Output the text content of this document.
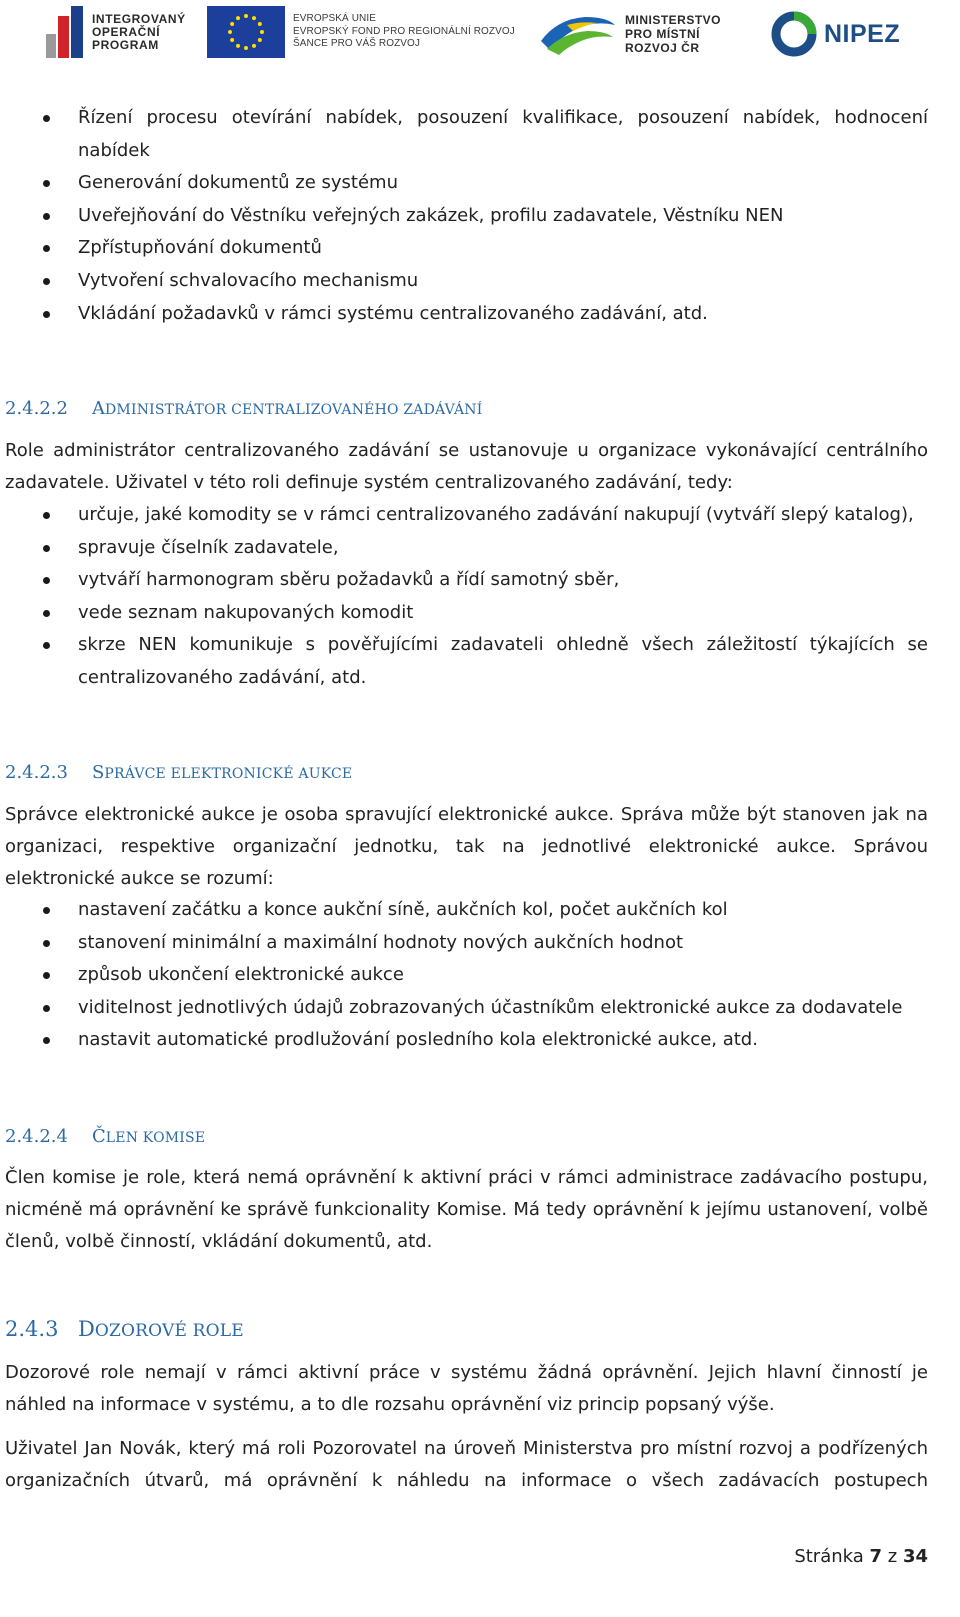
INTEGROVANÝ
OPERAČNÍ
PROGRAM
EVROPSKÁ UNIE
EVROPSKÝ FOND PRO REGIONÁLNÍ ROZVOJ
ŠANCE PRO VÁŠ ROZVOJ
MINISTERSTVO
PRO MÍSTNÍ
ROZVOJ ČR
NIPEZ
Řízení procesu otevírání nabídek, posouzení kvalifikace, posouzení nabídek, hodnocení nabídek
Generování dokumentů ze systému
Uveřejňování do Věstníku veřejných zakázek, profilu zadavatele, Věstníku NEN
Zpřístupňování dokumentů
Vytvoření schvalovacího mechanismu
Vkládání požadavků v rámci systému centralizovaného zadávání, atd.
2.4.2.2 ADMINISTRÁTOR CENTRALIZOVANÉHO ZADÁVÁNÍ
Role administrátor centralizovaného zadávání se ustanovuje u organizace vykonávající centrálního zadavatele. Uživatel v této roli definuje systém centralizovaného zadávání, tedy:
určuje, jaké komodity se v rámci centralizovaného zadávání nakupují (vytváří slepý katalog),
spravuje číselník zadavatele,
vytváří harmonogram sběru požadavků a řídí samotný sběr,
vede seznam nakupovaných komodit
skrze NEN komunikuje s pověřujícími zadavateli ohledně všech záležitostí týkajících se centralizovaného zadávání, atd.
2.4.2.3 SPRÁVCE ELEKTRONICKÉ AUKCE
Správce elektronické aukce je osoba spravující elektronické aukce. Správa může být stanoven jak na organizaci, respektive organizační jednotku, tak na jednotlivé elektronické aukce. Správou elektronické aukce se rozumí:
nastavení začátku a konce aukční síně, aukčních kol, počet aukčních kol
stanovení minimální a maximální hodnoty nových aukčních hodnot
způsob ukončení elektronické aukce
viditelnost jednotlivých údajů zobrazovaných účastníkům elektronické aukce za dodavatele
nastavit automatické prodlužování posledního kola elektronické aukce, atd.
2.4.2.4 ČLEN KOMISE
Člen komise je role, která nemá oprávnění k aktivní práci v rámci administrace zadávacího postupu, nicméně má oprávnění ke správě funkcionality Komise. Má tedy oprávnění k jejímu ustanovení, volbě členů, volbě činností, vkládání dokumentů, atd.
2.4.3 DOZOROVÉ ROLE
Dozorové role nemají v rámci aktivní práce v systému žádná oprávnění. Jejich hlavní činností je náhled na informace v systému, a to dle rozsahu oprávnění viz princip popsaný výše.
Uživatel Jan Novák, který má roli Pozorovatel na úroveň Ministerstva pro místní rozvoj a podřízených organizačních útvarů, má oprávnění k náhledu na informace o všech zadávacích postupech
Stránka 7 z 34
